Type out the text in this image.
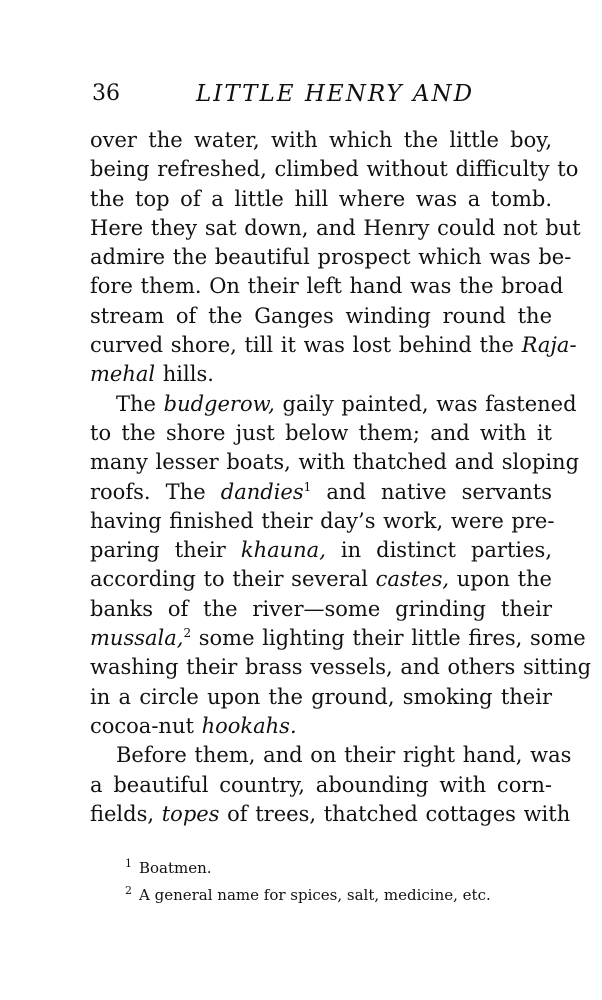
36	LITTLE HENRY AND
over the water, with which the little boy,
being refreshed, climbed without difficulty to
the top of a little hill where was a tomb.
Here they sat down, and Henry could not but
admire the beautiful prospect which was be-
fore them. On their left hand was the broad
stream of the Ganges winding round the
curved shore, till it was lost behind the Raja-
mehal hills.
The budgerow, gaily painted, was fastened
to the shore just below them; and with it
many lesser boats, with thatched and sloping
roofs. The dandies$^1$ and native servants
having finished their day’s work, were pre-
paring their khauna, in distinct parties,
according to their several castes, upon the
banks of the river—some grinding their
mussala,$^2$ some lighting their little fires, some
washing their brass vessels, and others sitting
in a circle upon the ground, smoking their
cocoa-nut hookahs.
Before them, and on their right hand, was
a beautiful country, abounding with corn-
fields, topes of trees, thatched cottages with
$^1$ Boatmen.
$^2$ A general name for spices, salt, medicine, etc.
